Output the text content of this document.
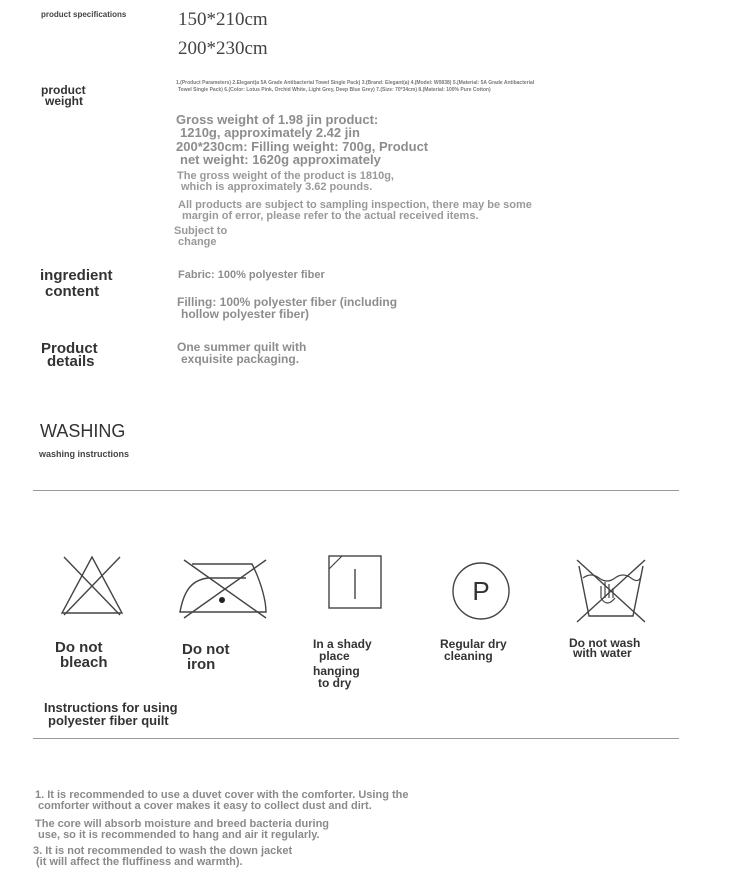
product specifications	150*210cm
200*230cm
product
weight
1.(Product Parameters) 2.Elegant(a 5A Grade Antibacterial Towel Single Pack) 3.(Brand: Elegant(a) 4.(Model: W0838) 5.(Material: 5A Grade Antibacterial
Towel Single Pack) 6.(Color: Lotus Pink, Orchid White, Light Grey, Deep Blue Grey) 7.(Size: 70*34cm) 8.(Material: 100% Pure Cotton)
Gross weight of 1.98 jin product:
1210g, approximately 2.42 jin
200*230cm: Filling weight: 700g, Product
net weight: 1620g approximately
The gross weight of the product is 1810g,
which is approximately 3.62 pounds.
All products are subject to sampling inspection, there may be some
margin of error, please refer to the actual received items.
Subject to
change
ingredient
content
Fabric: 100% polyester fiber
Filling: 100% polyester fiber (including
hollow polyester fiber)
Product
details
One summer quilt with
exquisite packaging.
WASHING
washing instructions
P
Do not
bleach
Do not
iron
In a shady
place
hanging
to dry
Regular dry
cleaning
Do not wash
with water
Instructions for using
polyester fiber quilt
1. It is recommended to use a duvet cover with the comforter. Using the
comforter without a cover makes it easy to collect dust and dirt.
The core will absorb moisture and breed bacteria during
use, so it is recommended to hang and air it regularly.
3. It is not recommended to wash the down jacket
(it will affect the fluffiness and warmth).
